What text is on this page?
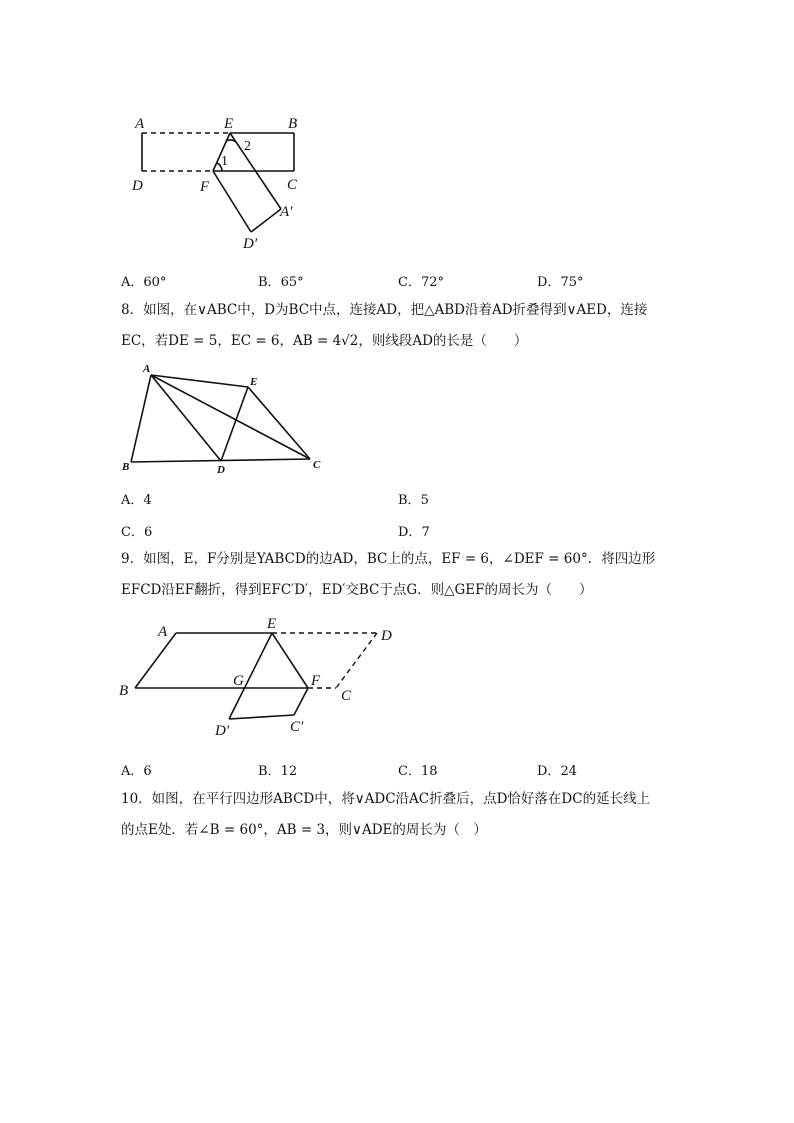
A	E	B
D	F	C
A′
D′
1
2
A．60°	B．65°	C．72°	D．75°
8．如图，在∨ABC中，D为BC中点，连接AD，把△ABD沿着AD折叠得到∨AED，连接
EC，若DE = 5，EC = 6，AB = 4√2，则线段AD的长是（　　）
A
E
B	D	C
A．4	B．5
C．6	D．7
9．如图，E，F分别是YABCD的边AD，BC上的点，EF = 6，∠DEF = 60°．将四边形
EFCD沿EF翻折，得到EFC′D′，ED′交BC于点G．则△GEF的周长为（　　）
A	E
D
B
G	F
C
D′	C′
A．6	B．12	C．18	D．24
10．如图，在平行四边形ABCD中，将∨ADC沿AC折叠后，点D恰好落在DC的延长线上
的点E处．若∠B = 60°，AB = 3，则∨ADE的周长为（　）
